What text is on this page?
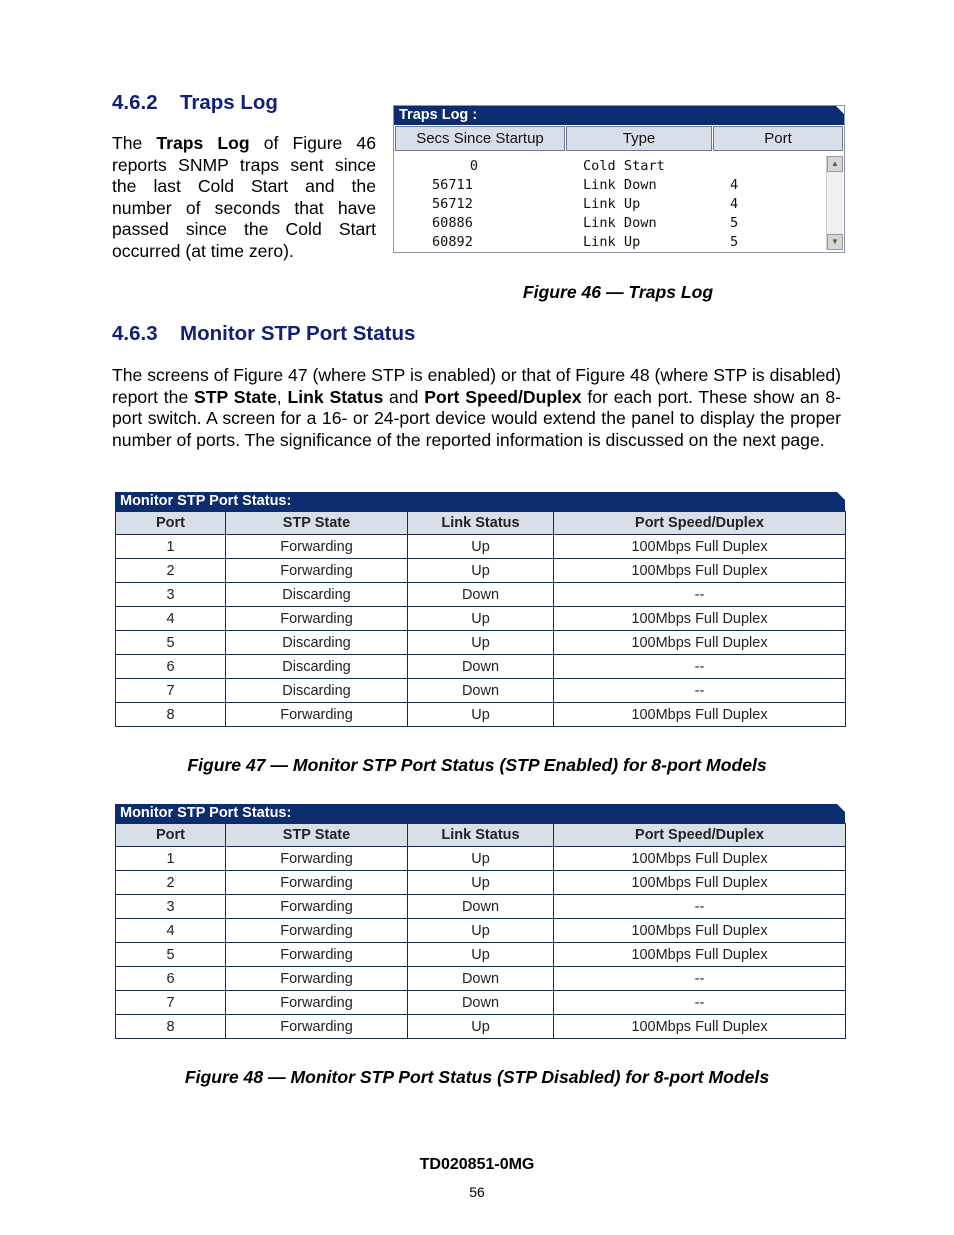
4.6.2 Traps Log
The Traps Log of Figure 46 reports SNMP traps sent since the last Cold Start and the number of seconds that have passed since the Cold Start occurred (at time zero).
Traps Log :
Secs Since Startup	Type	Port
0	Cold Start
56711	Link Down	4
56712	Link Up	4
60886	Link Down	5
60892	Link Up	5
▲
▼
Figure 46 — Traps Log
4.6.3 Monitor STP Port Status
The screens of Figure 47 (where STP is enabled) or that of Figure 48 (where STP is disabled) report the STP State, Link Status and Port Speed/Duplex for each port. These show an 8-port switch. A screen for a 16- or 24-port device would extend the panel to display the proper number of ports. The significance of the reported information is discussed on the next page.
Monitor STP Port Status:
Port	STP State	Link Status	Port Speed/Duplex
1	Forwarding	Up	100Mbps Full Duplex
2	Forwarding	Up	100Mbps Full Duplex
3	Discarding	Down	--
4	Forwarding	Up	100Mbps Full Duplex
5	Discarding	Up	100Mbps Full Duplex
6	Discarding	Down	--
7	Discarding	Down	--
8	Forwarding	Up	100Mbps Full Duplex
Figure 47 — Monitor STP Port Status (STP Enabled) for 8-port Models
Monitor STP Port Status:
Port	STP State	Link Status	Port Speed/Duplex
1	Forwarding	Up	100Mbps Full Duplex
2	Forwarding	Up	100Mbps Full Duplex
3	Forwarding	Down	--
4	Forwarding	Up	100Mbps Full Duplex
5	Forwarding	Up	100Mbps Full Duplex
6	Forwarding	Down	--
7	Forwarding	Down	--
8	Forwarding	Up	100Mbps Full Duplex
Figure 48 — Monitor STP Port Status (STP Disabled) for 8-port Models
TD020851-0MG
56
